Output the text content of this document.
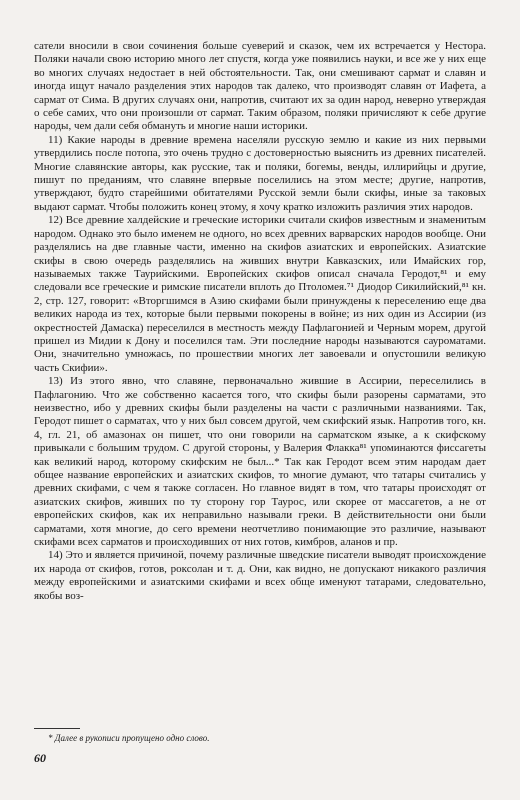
сатели вносили в свои сочинения больше суеверий и сказок, чем их встречается у Нестора. Поляки начали свою историю много лет спустя, когда уже появились науки, и все же у них еще во многих случаях недостает в ней обстоятельности. Так, они смешивают сармат и славян и иногда ищут начало разделения этих народов так далеко, что производят славян от Иафета, а сармат от Сима. В других случаях они, напротив, считают их за один народ, неверно утверждая о себе самих, что они произошли от сармат. Таким образом, поляки причисляют к себе другие народы, чем дали себя обмануть и многие наши историки.

11) Какие народы в древние времена населяли русскую землю и какие из них первыми утвердились после потопа, это очень трудно с достоверностью выяснить из древних писателей. Многие славянские авторы, как русские, так и поляки, богемы, венды, иллирийцы и другие, пишут по преданиям, что славяне впервые поселились на этом месте; другие, напротив, утверждают, будто старейшими обитателями Русской земли были скифы, иные за таковых выдают сармат. Чтобы положить конец этому, я хочу кратко изложить различия этих народов.

12) Все древние халдейские и греческие историки считали скифов известным и знаменитым народом. Однако это было именем не одного, но всех древних варварских народов вообще. Они разделялись на две главные части, именно на скифов азиатских и европейских. Азиатские скифы в свою очередь разделялись на живших внутри Кавказских, или Имайских гор, называемых также Таурийскими. Европейских скифов описал сначала Геродот,⁸¹ и ему следовали все греческие и римские писатели вплоть до Птоломея.⁷¹ Диодор Сикилийский,⁸¹ кн. 2, стр. 127, говорит: «Вторгшимся в Азию скифами были принуждены к переселению еще два великих народа из тех, которые были первыми покорены в войне; из них один из Ассирии (из окрестностей Дамаска) переселился в местность между Пафлагонией и Черным морем, другой пришел из Мидии к Дону и поселился там. Эти последние народы называются сауроматами. Они, значительно умножась, по прошествии многих лет завоевали и опустошили великую часть Скифии».

13) Из этого явно, что славяне, первоначально жившие в Ассирии, переселились в Пафлагонию. Что же собственно касается того, что скифы были разорены сарматами, это неизвестно, ибо у древних скифы были разделены на части с различными названиями. Так, Геродот пишет о сарматах, что у них был совсем другой, чем скифский язык. Напротив того, кн. 4, гл. 21, об амазонах он пишет, что они говорили на сарматском языке, а к скифскому привыкали с большим трудом. С другой стороны, у Валерия Флакка⁸¹ упоминаются фиссагеты как великий народ, которому скифским не был...* Так как Геродот всем этим народам дает общее название европейских и азиатских скифов, то многие думают, что татары считались у древних скифами, с чем я также согласен. Но главное видят в том, что татары происходят от азиатских скифов, живших по ту сторону гор Таурос, или скорее от массагетов, а не от европейских скифов, как их неправильно называли греки. В действительности они были сарматами, хотя многие, до сего времени неотчетливо понимающие это различие, называют скифами всех сарматов и происходивших от них готов, кимбров, аланов и пр.

14) Это и является причиной, почему различные шведские писатели выводят происхождение их народа от скифов, готов, роксолан и т. д. Они, как видно, не допускают никакого различия между европейскими и азиатскими скифами и всех обще именуют татарами, следовательно, якобы воз-

* Далее в рукописи пропущено одно слово.
60
